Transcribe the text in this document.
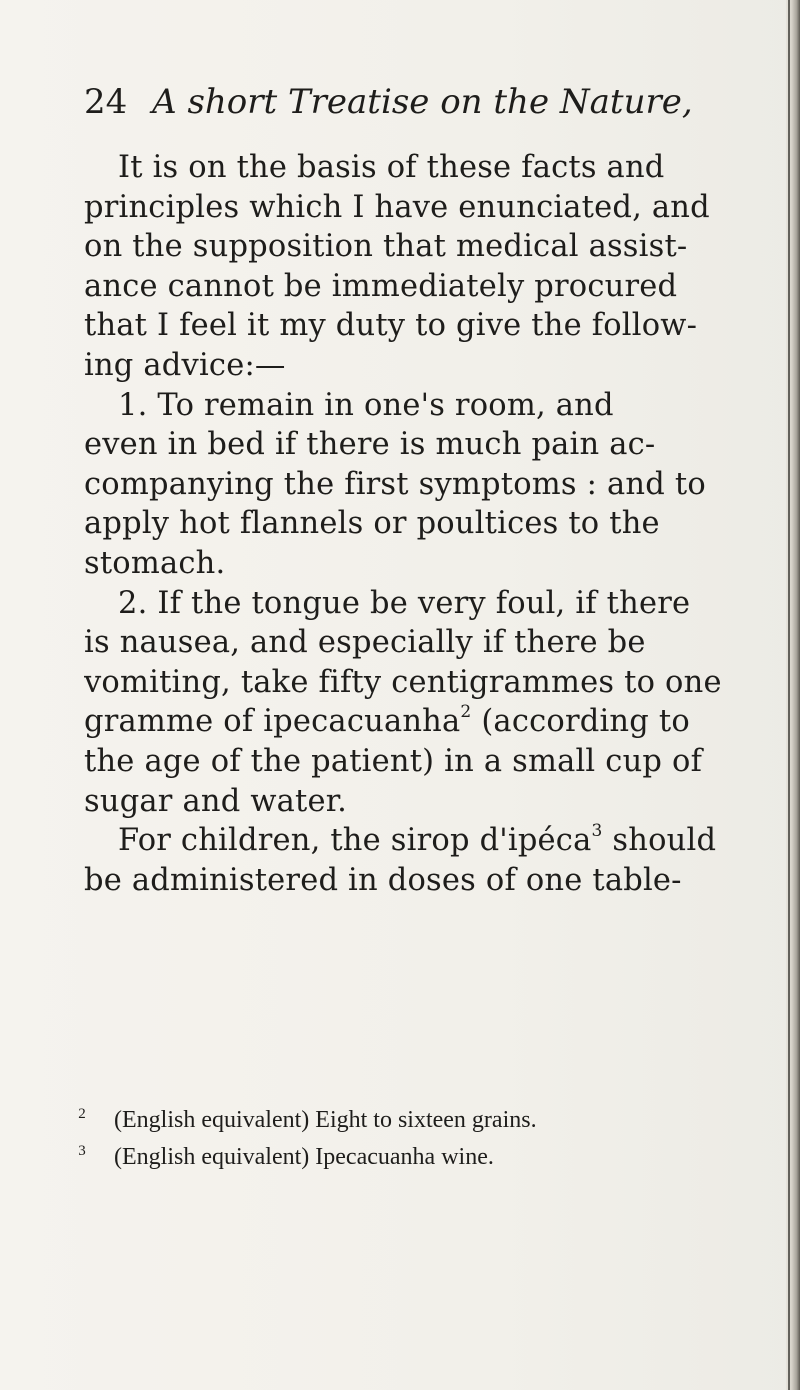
24 A short Treatise on the Nature,
It is on the basis of these facts and
principles which I have enunciated, and
on the supposition that medical assist-
ance cannot be immediately procured
that I feel it my duty to give the follow-
ing advice:—
1. To remain in one's room, and
even in bed if there is much pain ac-
companying the first symptoms : and to
apply hot flannels or poultices to the
stomach.
2. If the tongue be very foul, if there
is nausea, and especially if there be
vomiting, take fifty centigrammes to one
gramme of ipecacuanha$^2$ (according to
the age of the patient) in a small cup of
sugar and water.
For children, the sirop d'ipéca$^3$ should
be administered in doses of one table-
2 (English equivalent) Eight to sixteen grains.
3 (English equivalent) Ipecacuanha wine.
